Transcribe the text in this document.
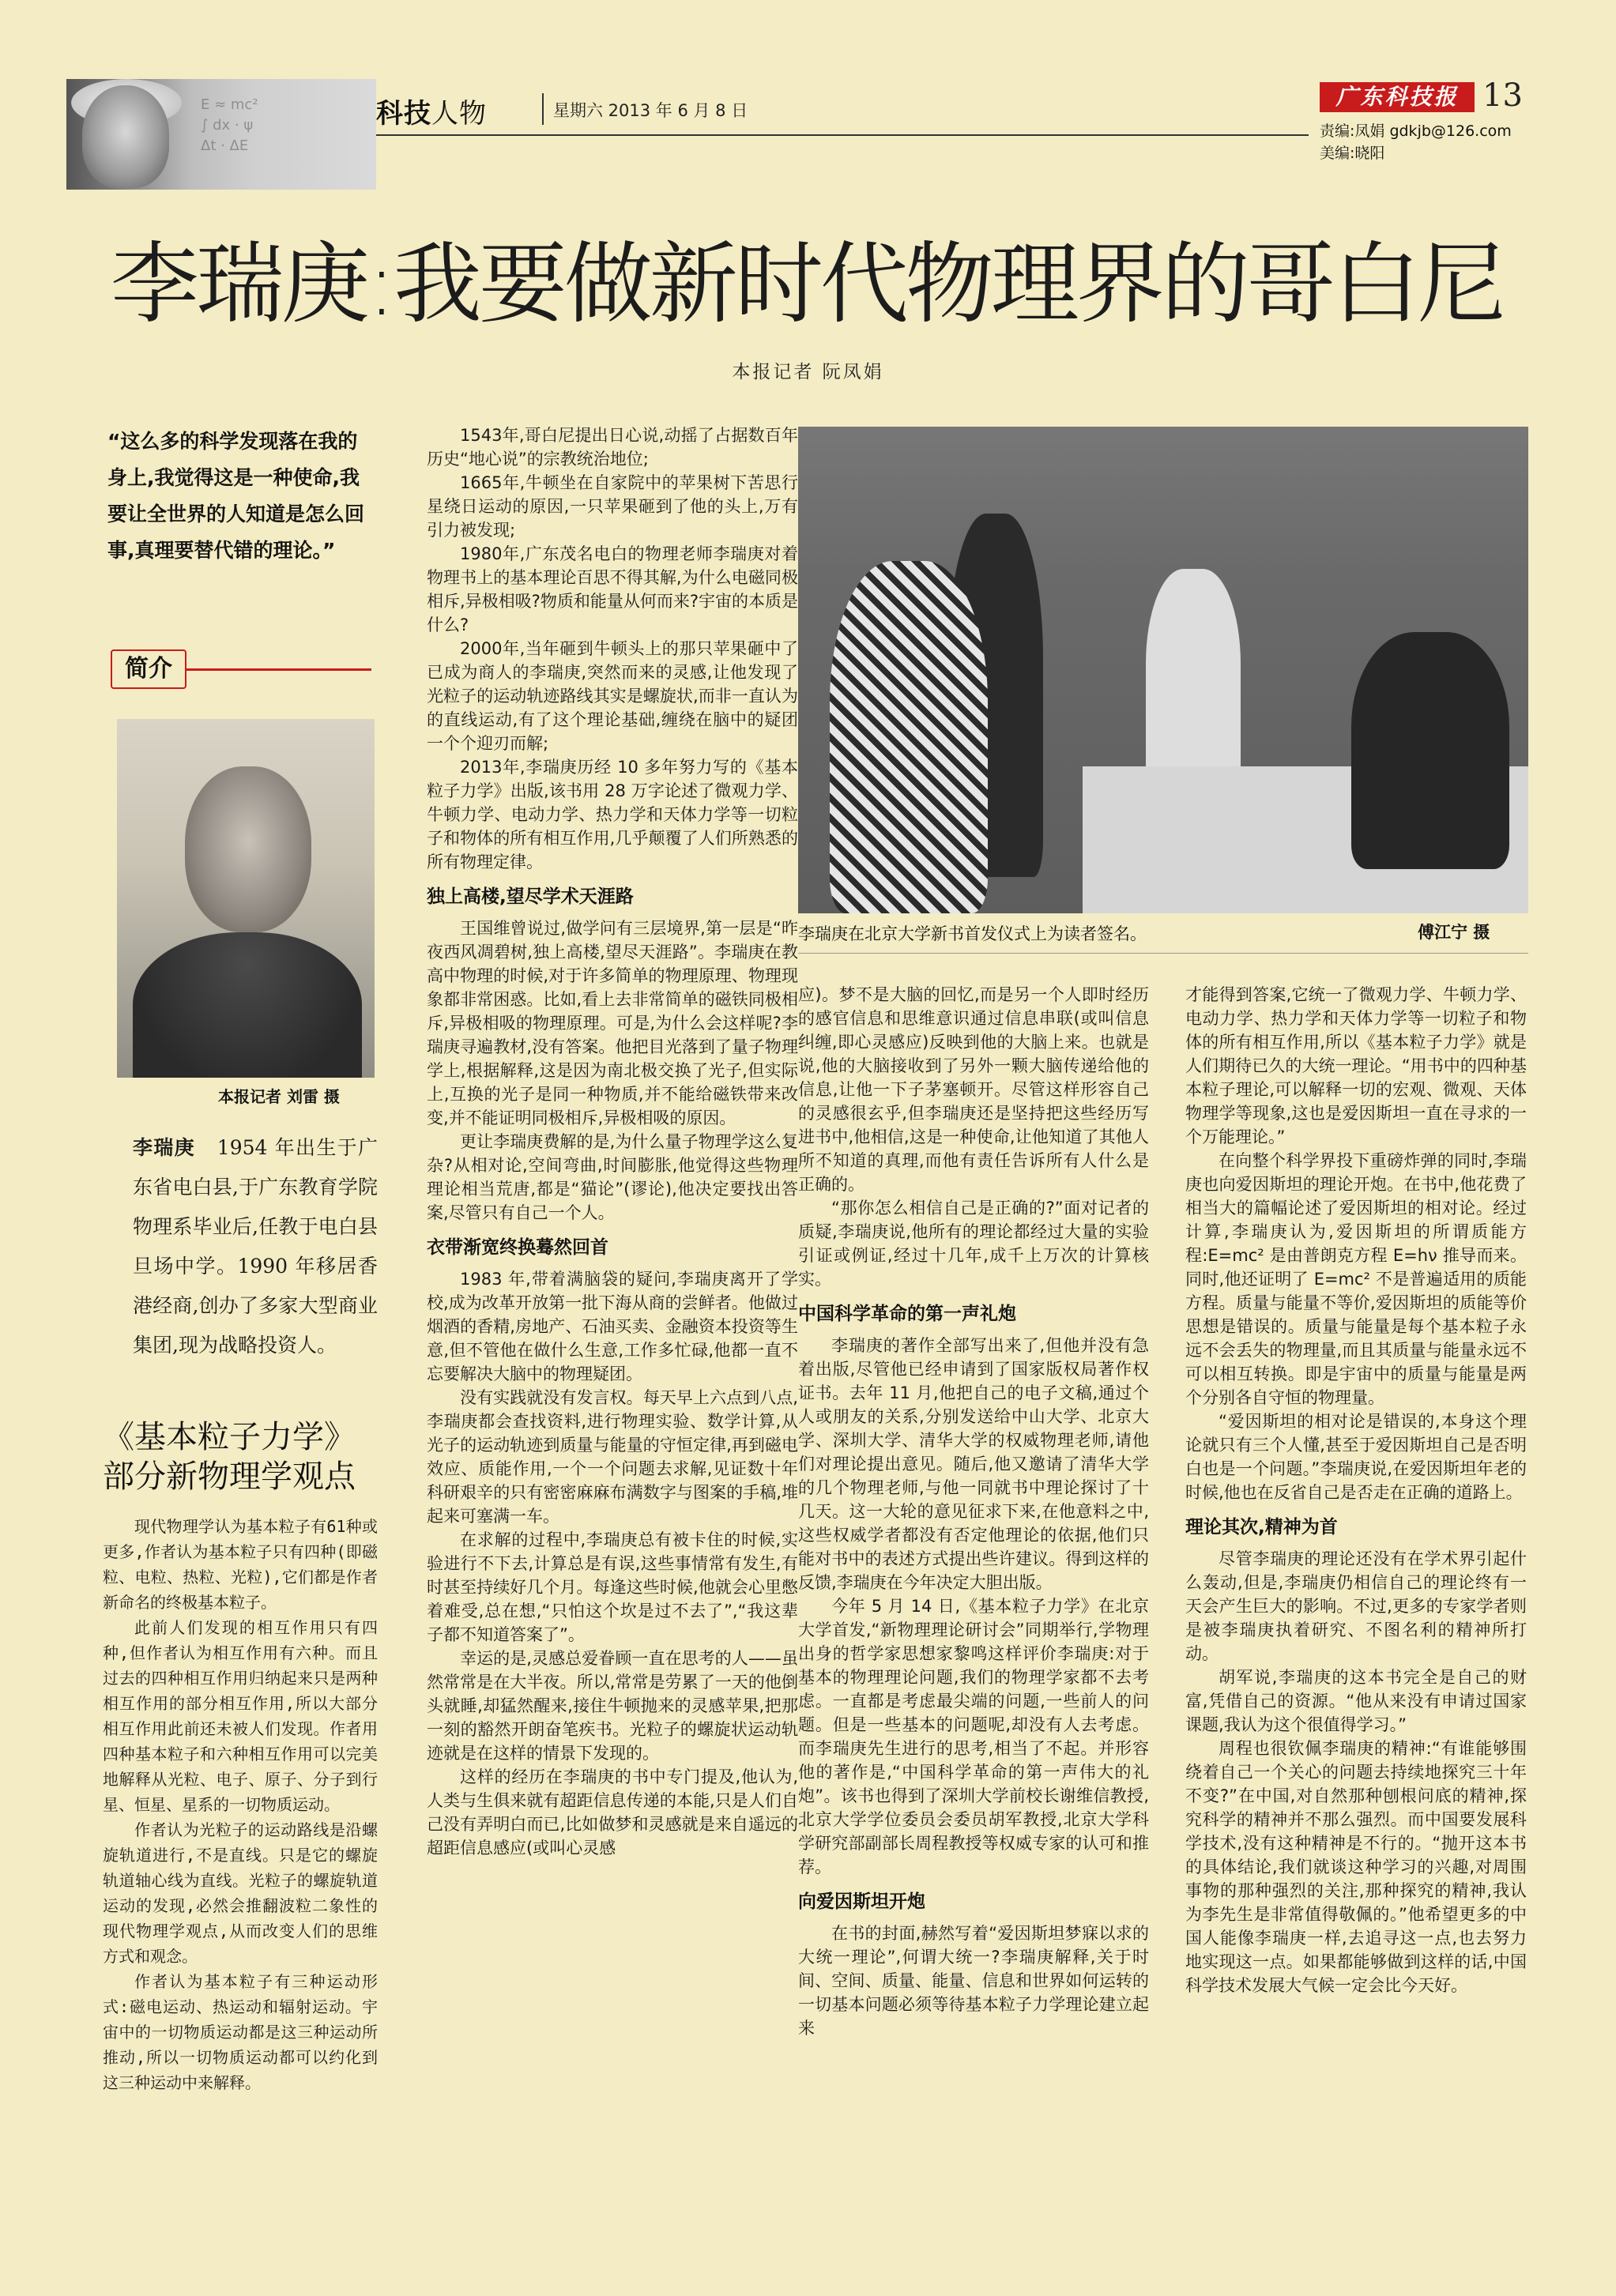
E ≈ mc²
∫ dx · ψ
Δt · ΔE
科技人物	星期六 2013 年 6 月 8 日
广东科技报 13
责编:凤娟 gdkjb@126.com
美编:晓阳
李瑞庚:我要做新时代物理界的哥白尼
本报记者 阮凤娟
“这么多的科学发现落在我的身上,我觉得这是一种使命,我要让全世界的人知道是怎么回事,真理要替代错的理论。”
简介
本报记者 刘雷 摄
李瑞庚 1954 年出生于广东省电白县,于广东教育学院物理系毕业后,任教于电白县旦场中学。1990 年移居香港经商,创办了多家大型商业集团,现为战略投资人。
《基本粒子力学》部分新物理学观点

现代物理学认为基本粒子有61种或更多,作者认为基本粒子只有四种(即磁粒、电粒、热粒、光粒),它们都是作者新命名的终极基本粒子。

此前人们发现的相互作用只有四种,但作者认为相互作用有六种。而且过去的四种相互作用归纳起来只是两种相互作用的部分相互作用,所以大部分相互作用此前还未被人们发现。作者用四种基本粒子和六种相互作用可以完美地解释从光粒、电子、原子、分子到行星、恒星、星系的一切物质运动。

作者认为光粒子的运动路线是沿螺旋轨道进行,不是直线。只是它的螺旋轨道轴心线为直线。光粒子的螺旋轨道运动的发现,必然会推翻波粒二象性的现代物理学观点,从而改变人们的思维方式和观念。

作者认为基本粒子有三种运动形式:磁电运动、热运动和辐射运动。宇宙中的一切物质运动都是这三种运动所推动,所以一切物质运动都可以约化到这三种运动中来解释。

1543年,哥白尼提出日心说,动摇了占据数百年历史“地心说”的宗教统治地位;

1665年,牛顿坐在自家院中的苹果树下苦思行星绕日运动的原因,一只苹果砸到了他的头上,万有引力被发现;

1980年,广东茂名电白的物理老师李瑞庚对着物理书上的基本理论百思不得其解,为什么电磁同极相斥,异极相吸?物质和能量从何而来?宇宙的本质是什么?

2000年,当年砸到牛顿头上的那只苹果砸中了已成为商人的李瑞庚,突然而来的灵感,让他发现了光粒子的运动轨迹路线其实是螺旋状,而非一直认为的直线运动,有了这个理论基础,缠绕在脑中的疑团一个个迎刃而解;

2013年,李瑞庚历经 10 多年努力写的《基本粒子力学》出版,该书用 28 万字论述了微观力学、牛顿力学、电动力学、热力学和天体力学等一切粒子和物体的所有相互作用,几乎颠覆了人们所熟悉的所有物理定律。

独上高楼,望尽学术天涯路

王国维曾说过,做学问有三层境界,第一层是“昨夜西风凋碧树,独上高楼,望尽天涯路”。李瑞庚在教高中物理的时候,对于许多简单的物理原理、物理现象都非常困惑。比如,看上去非常简单的磁铁同极相斥,异极相吸的物理原理。可是,为什么会这样呢?李瑞庚寻遍教材,没有答案。他把目光落到了量子物理学上,根据解释,这是因为南北极交换了光子,但实际上,互换的光子是同一种物质,并不能给磁铁带来改变,并不能证明同极相斥,异极相吸的原因。

更让李瑞庚费解的是,为什么量子物理学这么复杂?从相对论,空间弯曲,时间膨胀,他觉得这些物理理论相当荒唐,都是“猫论”(谬论),他决定要找出答案,尽管只有自己一个人。

衣带渐宽终换蓦然回首

1983 年,带着满脑袋的疑问,李瑞庚离开了学校,成为改革开放第一批下海从商的尝鲜者。他做过烟酒的香精,房地产、石油买卖、金融资本投资等生意,但不管他在做什么生意,工作多忙碌,他都一直不忘要解决大脑中的物理疑团。

没有实践就没有发言权。每天早上六点到八点,李瑞庚都会查找资料,进行物理实验、数学计算,从光子的运动轨迹到质量与能量的守恒定律,再到磁电效应、质能作用,一个一个问题去求解,见证数十年科研艰辛的只有密密麻麻布满数字与图案的手稿,堆起来可塞满一车。

在求解的过程中,李瑞庚总有被卡住的时候,实验进行不下去,计算总是有误,这些事情常有发生,有时甚至持续好几个月。每逢这些时候,他就会心里憋着难受,总在想,“只怕这个坎是过不去了”,“我这辈子都不知道答案了”。

幸运的是,灵感总爱眷顾一直在思考的人——虽然常常是在大半夜。所以,常常是劳累了一天的他倒头就睡,却猛然醒来,接住牛顿抛来的灵感苹果,把那一刻的豁然开朗奋笔疾书。光粒子的螺旋状运动轨迹就是在这样的情景下发现的。

这样的经历在李瑞庚的书中专门提及,他认为,人类与生俱来就有超距信息传递的本能,只是人们自己没有弄明白而已,比如做梦和灵感就是来自遥远的超距信息感应(或叫心灵感

李瑞庚在北京大学新书首发仪式上为读者签名。	傅江宁 摄

应)。梦不是大脑的回忆,而是另一个人即时经历的感官信息和思维意识通过信息串联(或叫信息纠缠,即心灵感应)反映到他的大脑上来。也就是说,他的大脑接收到了另外一颗大脑传递给他的信息,让他一下子茅塞顿开。尽管这样形容自己的灵感很玄乎,但李瑞庚还是坚持把这些经历写进书中,他相信,这是一种使命,让他知道了其他人所不知道的真理,而他有责任告诉所有人什么是正确的。

“那你怎么相信自己是正确的?”面对记者的质疑,李瑞庚说,他所有的理论都经过大量的实验引证或例证,经过十几年,成千上万次的计算核实。

中国科学革命的第一声礼炮

李瑞庚的著作全部写出来了,但他并没有急着出版,尽管他已经申请到了国家版权局著作权证书。去年 11 月,他把自己的电子文稿,通过个人或朋友的关系,分别发送给中山大学、北京大学、深圳大学、清华大学的权威物理老师,请他们对理论提出意见。随后,他又邀请了清华大学的几个物理老师,与他一同就书中理论探讨了十几天。这一大轮的意见征求下来,在他意料之中,这些权威学者都没有否定他理论的依据,他们只能对书中的表述方式提出些许建议。得到这样的反馈,李瑞庚在今年决定大胆出版。

今年 5 月 14 日,《基本粒子力学》在北京大学首发,“新物理理论研讨会”同期举行,学物理出身的哲学家思想家黎鸣这样评价李瑞庚:对于基本的物理理论问题,我们的物理学家都不去考虑。一直都是考虑最尖端的问题,一些前人的问题。但是一些基本的问题呢,却没有人去考虑。而李瑞庚先生进行的思考,相当了不起。并形容他的著作是,“中国科学革命的第一声伟大的礼炮”。该书也得到了深圳大学前校长谢维信教授,北京大学学位委员会委员胡军教授,北京大学科学研究部副部长周程教授等权威专家的认可和推荐。

向爱因斯坦开炮

在书的封面,赫然写着“爱因斯坦梦寐以求的大统一理论”,何谓大统一?李瑞庚解释,关于时间、空间、质量、能量、信息和世界如何运转的一切基本问题必须等待基本粒子力学理论建立起来

才能得到答案,它统一了微观力学、牛顿力学、电动力学、热力学和天体力学等一切粒子和物体的所有相互作用,所以《基本粒子力学》就是人们期待已久的大统一理论。“用书中的四种基本粒子理论,可以解释一切的宏观、微观、天体物理学等现象,这也是爱因斯坦一直在寻求的一个万能理论。”

在向整个科学界投下重磅炸弹的同时,李瑞庚也向爱因斯坦的理论开炮。在书中,他花费了相当大的篇幅论述了爱因斯坦的相对论。经过计算,李瑞庚认为,爱因斯坦的所谓质能方程:E=mc² 是由普朗克方程 E=hν 推导而来。同时,他还证明了 E=mc² 不是普遍适用的质能方程。质量与能量不等价,爱因斯坦的质能等价思想是错误的。质量与能量是每个基本粒子永远不会丢失的物理量,而且其质量与能量永远不可以相互转换。即是宇宙中的质量与能量是两个分别各自守恒的物理量。

“爱因斯坦的相对论是错误的,本身这个理论就只有三个人懂,甚至于爱因斯坦自己是否明白也是一个问题。”李瑞庚说,在爱因斯坦年老的时候,他也在反省自己是否走在正确的道路上。

理论其次,精神为首

尽管李瑞庚的理论还没有在学术界引起什么轰动,但是,李瑞庚仍相信自己的理论终有一天会产生巨大的影响。不过,更多的专家学者则是被李瑞庚执着研究、不图名利的精神所打动。

胡军说,李瑞庚的这本书完全是自己的财富,凭借自己的资源。“他从来没有申请过国家课题,我认为这个很值得学习。”

周程也很钦佩李瑞庚的精神:“有谁能够围绕着自己一个关心的问题去持续地探究三十年不变?”在中国,对自然那种刨根问底的精神,探究科学的精神并不那么强烈。而中国要发展科学技术,没有这种精神是不行的。“抛开这本书的具体结论,我们就谈这种学习的兴趣,对周围事物的那种强烈的关注,那种探究的精神,我认为李先生是非常值得敬佩的。”他希望更多的中国人能像李瑞庚一样,去追寻这一点,也去努力地实现这一点。如果都能够做到这样的话,中国科学技术发展大气候一定会比今天好。
